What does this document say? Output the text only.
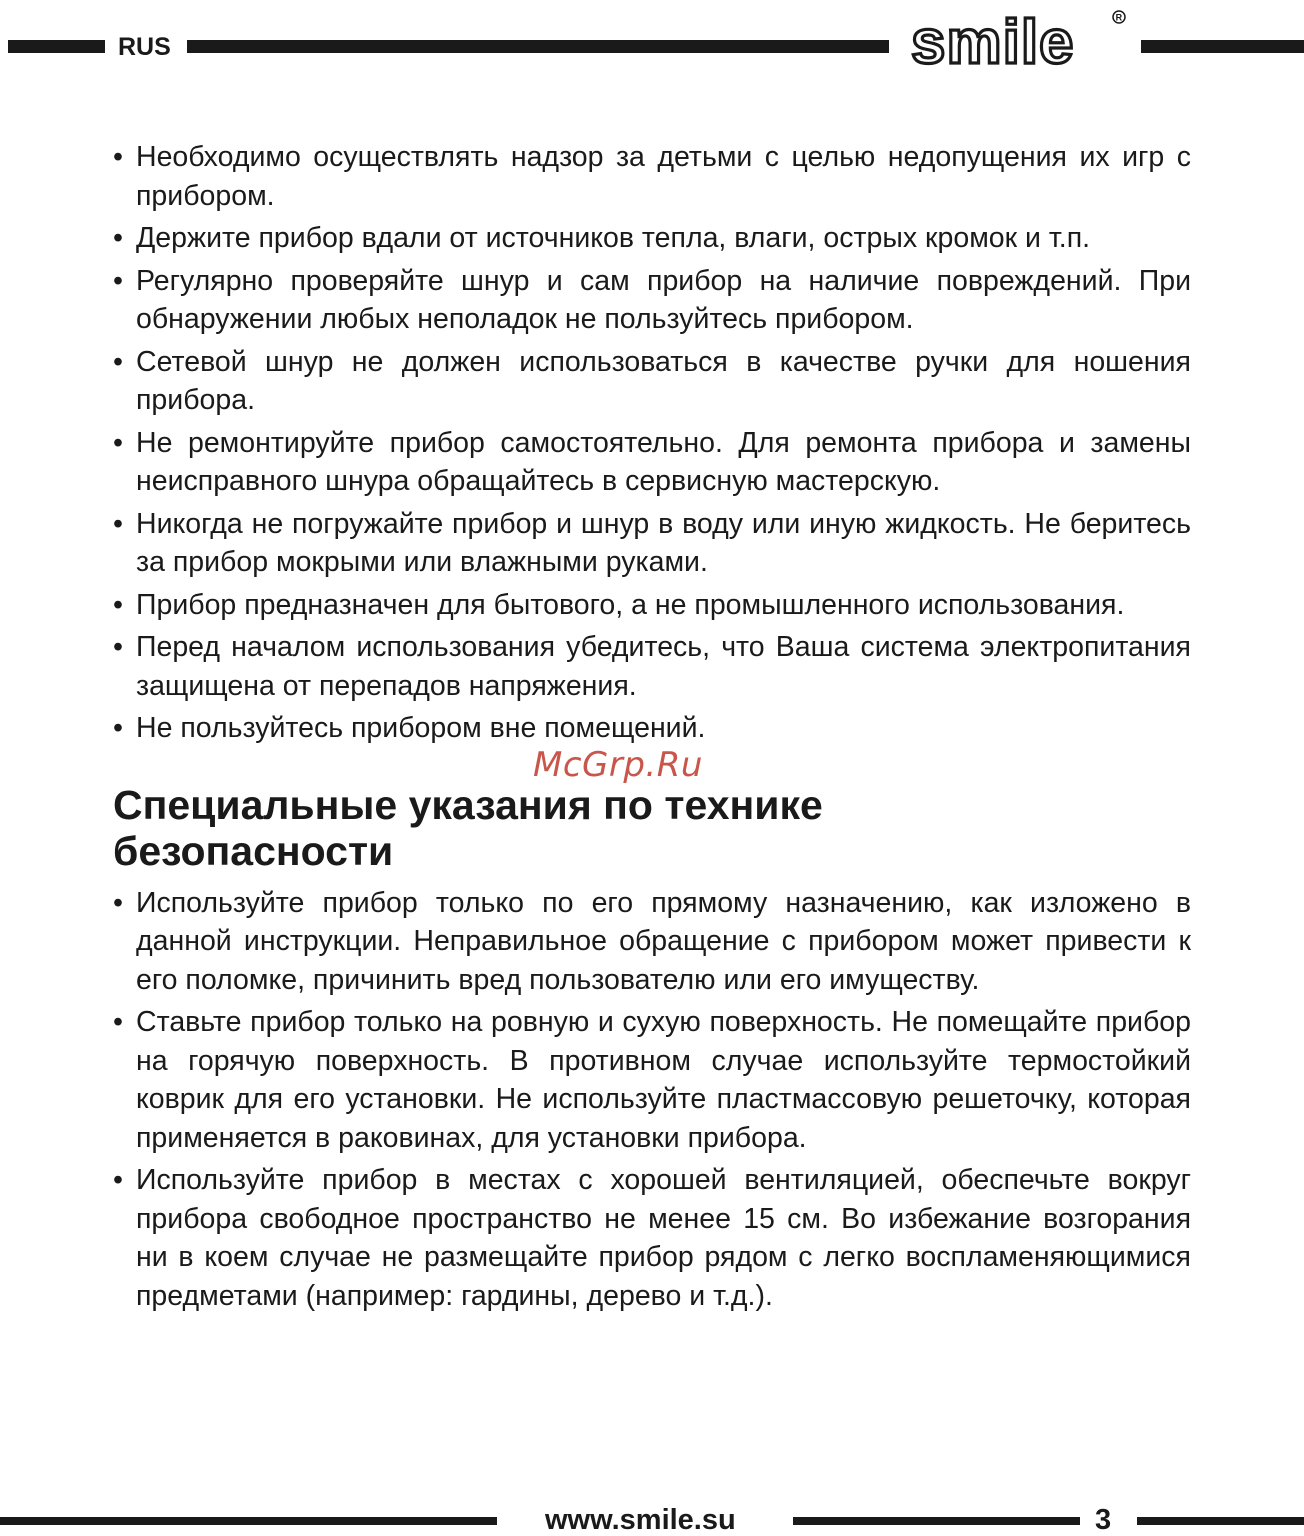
RUS	smile	R
• Необходимо осуществлять надзор за детьми с целью недопущения их игр с прибором.
• Держите прибор вдали от источников тепла, влаги, острых кромок и т.п.
• Регулярно проверяйте шнур и сам прибор на наличие повреждений. При обнаружении любых неполадок не пользуйтесь прибором.
• Сетевой шнур не должен использоваться в качестве ручки для ношения прибора.
• Не ремонтируйте прибор самостоятельно. Для ремонта прибора и замены неисправного шнура обращайтесь в сервисную мастерскую.
• Никогда не погружайте прибор и шнур в воду или иную жидкость. Не беритесь за прибор мокрыми или влажными руками.
• Прибор предназначен для бытового, а не промышленного использования.
• Перед началом использования убедитесь, что Ваша система электропитания защищена от перепадов напряжения.
• Не пользуйтесь прибором вне помещений.
Специальные указания по технике
безопасности
• Используйте прибор только по его прямому назначению, как изложено в данной инструкции. Неправильное обращение с прибором может привести к его поломке, причинить вред пользователю или его имуществу.
• Ставьте прибор только на ровную и сухую поверхность. Не помещайте прибор на горячую поверхность. В противном случае используйте термостойкий коврик для его установки. Не используйте пластмассовую решеточку, которая применяется в раковинах, для установки прибора.
• Используйте прибор в местах с хорошей вентиляцией, обеспечьте вокруг прибора свободное пространство не менее 15 см. Во избежание возгорания ни в коем случае не размещайте прибор рядом с легко воспламеняющимися предметами (например: гардины, дерево и т.д.).
McGrp.Ru
www.smile.su	3
